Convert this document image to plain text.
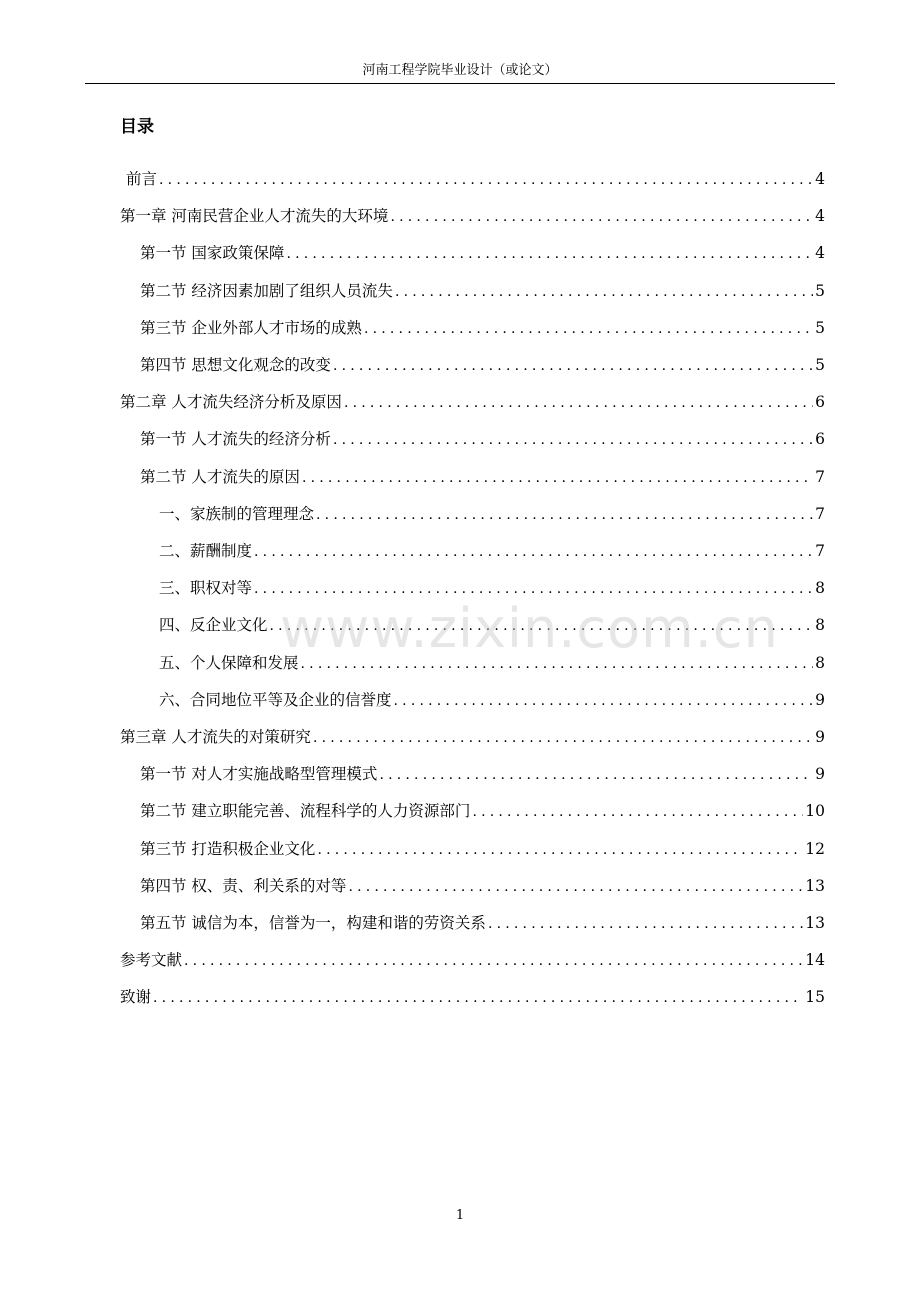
河南工程学院毕业设计（或论文）
目录
前言 .....	4
第一章 河南民营企业人才流失的大环境 .....	4
第一节 国家政策保障 .....	4
第二节 经济因素加剧了组织人员流失 .....	5
第三节 企业外部人才市场的成熟 .....	5
第四节 思想文化观念的改变 .....	5
第二章 人才流失经济分析及原因 .....	6
第一节 人才流失的经济分析 .....	6
第二节 人才流失的原因 .....	7
一、家族制的管理理念 .....	7
二、薪酬制度 .....	7
三、职权对等 .....	8
四、反企业文化 .....	8
五、个人保障和发展 .....	8
六、合同地位平等及企业的信誉度 .....	9
第三章 人才流失的对策研究 .....	9
第一节 对人才实施战略型管理模式 .....	9
第二节 建立职能完善、流程科学的人力资源部门 .....	10
第三节 打造积极企业文化 .....	12
第四节 权、责、利关系的对等 .....	13
第五节 诚信为本，信誉为一，构建和谐的劳资关系 .....	13
参考文献 .....	14
致谢 .....	15
www.zixin.com.cn
1
